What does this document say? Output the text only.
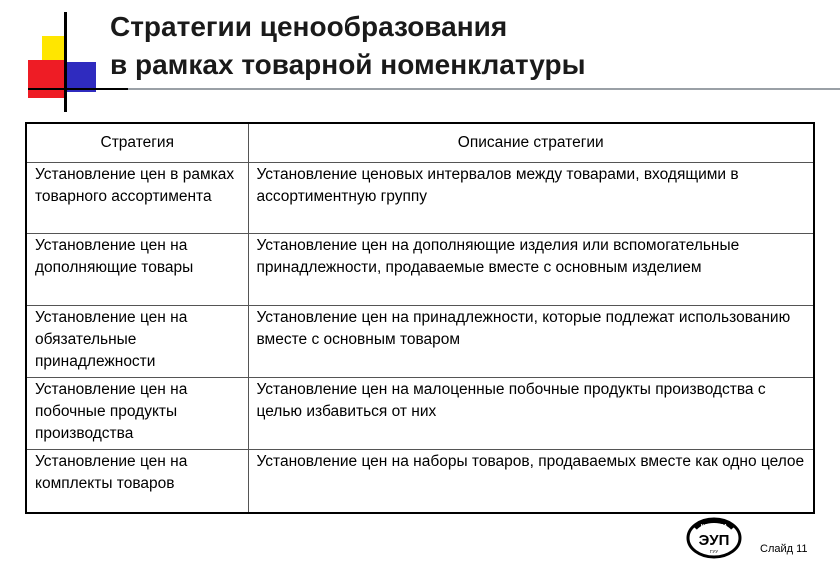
Стратегии ценообразования
в рамках товарной номенклатуры
Стратегия	Описание стратегии
Установление цен в рамках товарного ассортимента	Установление ценовых интервалов между товарами, входящими в ассортиментную группу
Установление цен на дополняющие товары	Установление цен на дополняющие изделия или вспомогательные принадлежности, продаваемые вместе с основным изделием
Установление цен на обязательные принадлежности	Установление цен на принадлежности, которые подлежат использованию вместе с основным товаром
Установление цен на побочные продукты производства	Установление цен на малоценные побочные продукты производства с целью избавиться от них
Установление цен на комплекты товаров	Установление цен на наборы товаров, продаваемых вместе как одно целое
КАФЕДРА
ЭУП
ГУУ	Слайд 11
